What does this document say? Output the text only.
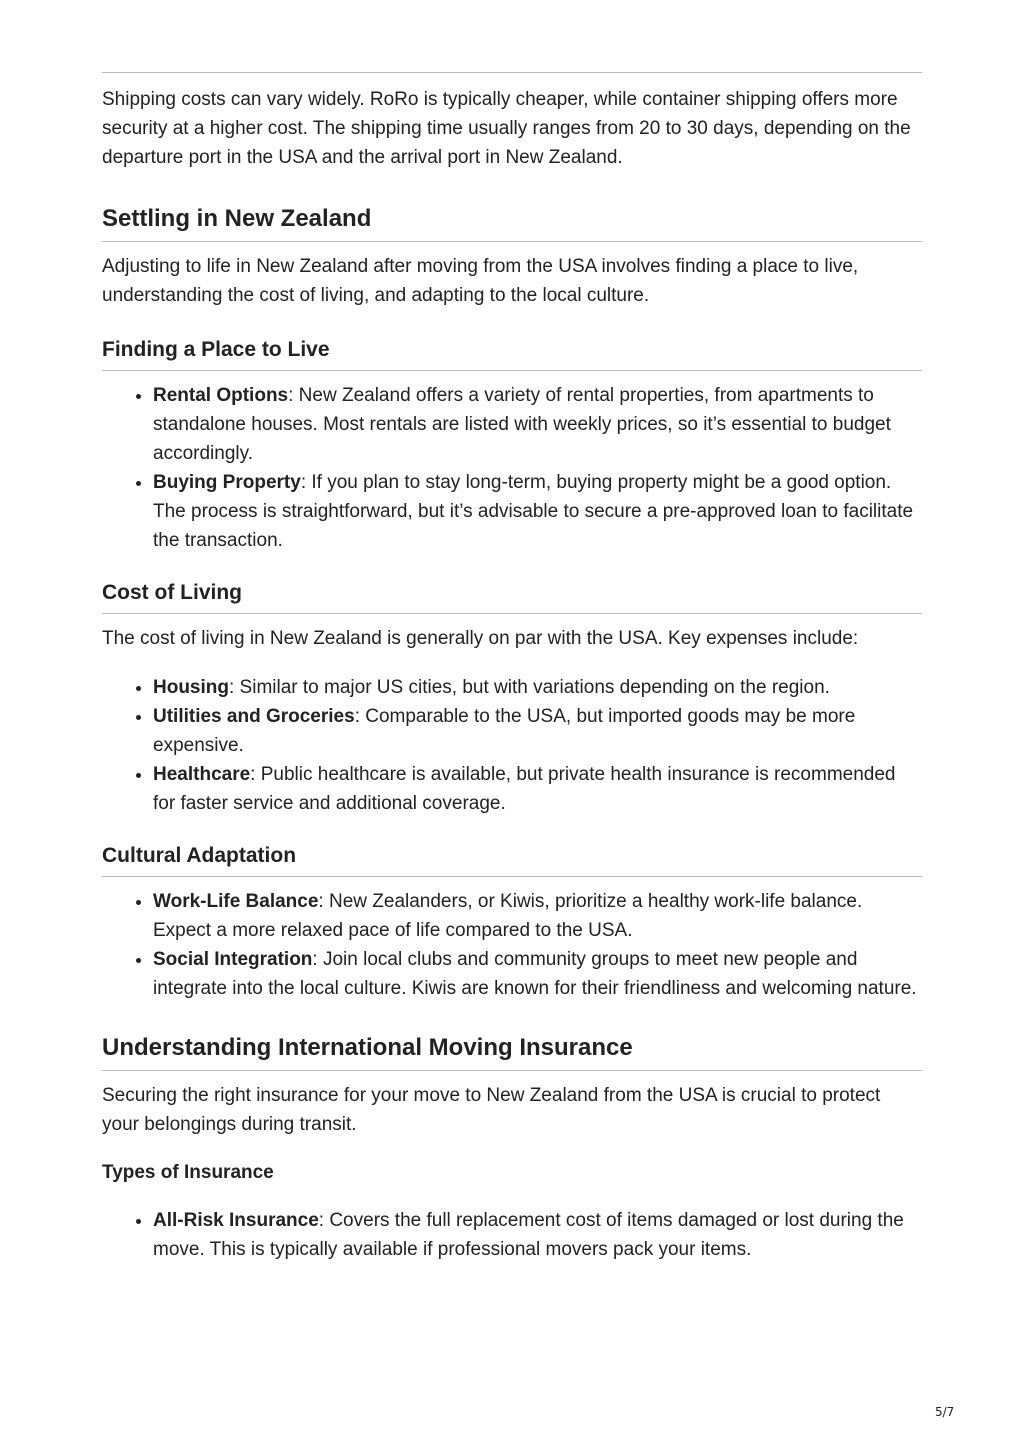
Shipping costs can vary widely. RoRo is typically cheaper, while container shipping offers more security at a higher cost. The shipping time usually ranges from 20 to 30 days, depending on the departure port in the USA and the arrival port in New Zealand.

Settling in New Zealand

Adjusting to life in New Zealand after moving from the USA involves finding a place to live, understanding the cost of living, and adapting to the local culture.

Finding a Place to Live
• Rental Options: New Zealand offers a variety of rental properties, from apartments to standalone houses. Most rentals are listed with weekly prices, so it’s essential to budget accordingly.
• Buying Property: If you plan to stay long-term, buying property might be a good option. The process is straightforward, but it’s advisable to secure a pre-approved loan to facilitate the transaction.
Cost of Living

The cost of living in New Zealand is generally on par with the USA. Key expenses include:

• Housing: Similar to major US cities, but with variations depending on the region.
• Utilities and Groceries: Comparable to the USA, but imported goods may be more expensive.
• Healthcare: Public healthcare is available, but private health insurance is recommended for faster service and additional coverage.
Cultural Adaptation
• Work-Life Balance: New Zealanders, or Kiwis, prioritize a healthy work-life balance. Expect a more relaxed pace of life compared to the USA.
• Social Integration: Join local clubs and community groups to meet new people and integrate into the local culture. Kiwis are known for their friendliness and welcoming nature.
Understanding International Moving Insurance

Securing the right insurance for your move to New Zealand from the USA is crucial to protect your belongings during transit.

Types of Insurance
• All-Risk Insurance: Covers the full replacement cost of items damaged or lost during the move. This is typically available if professional movers pack your items.
5/7
